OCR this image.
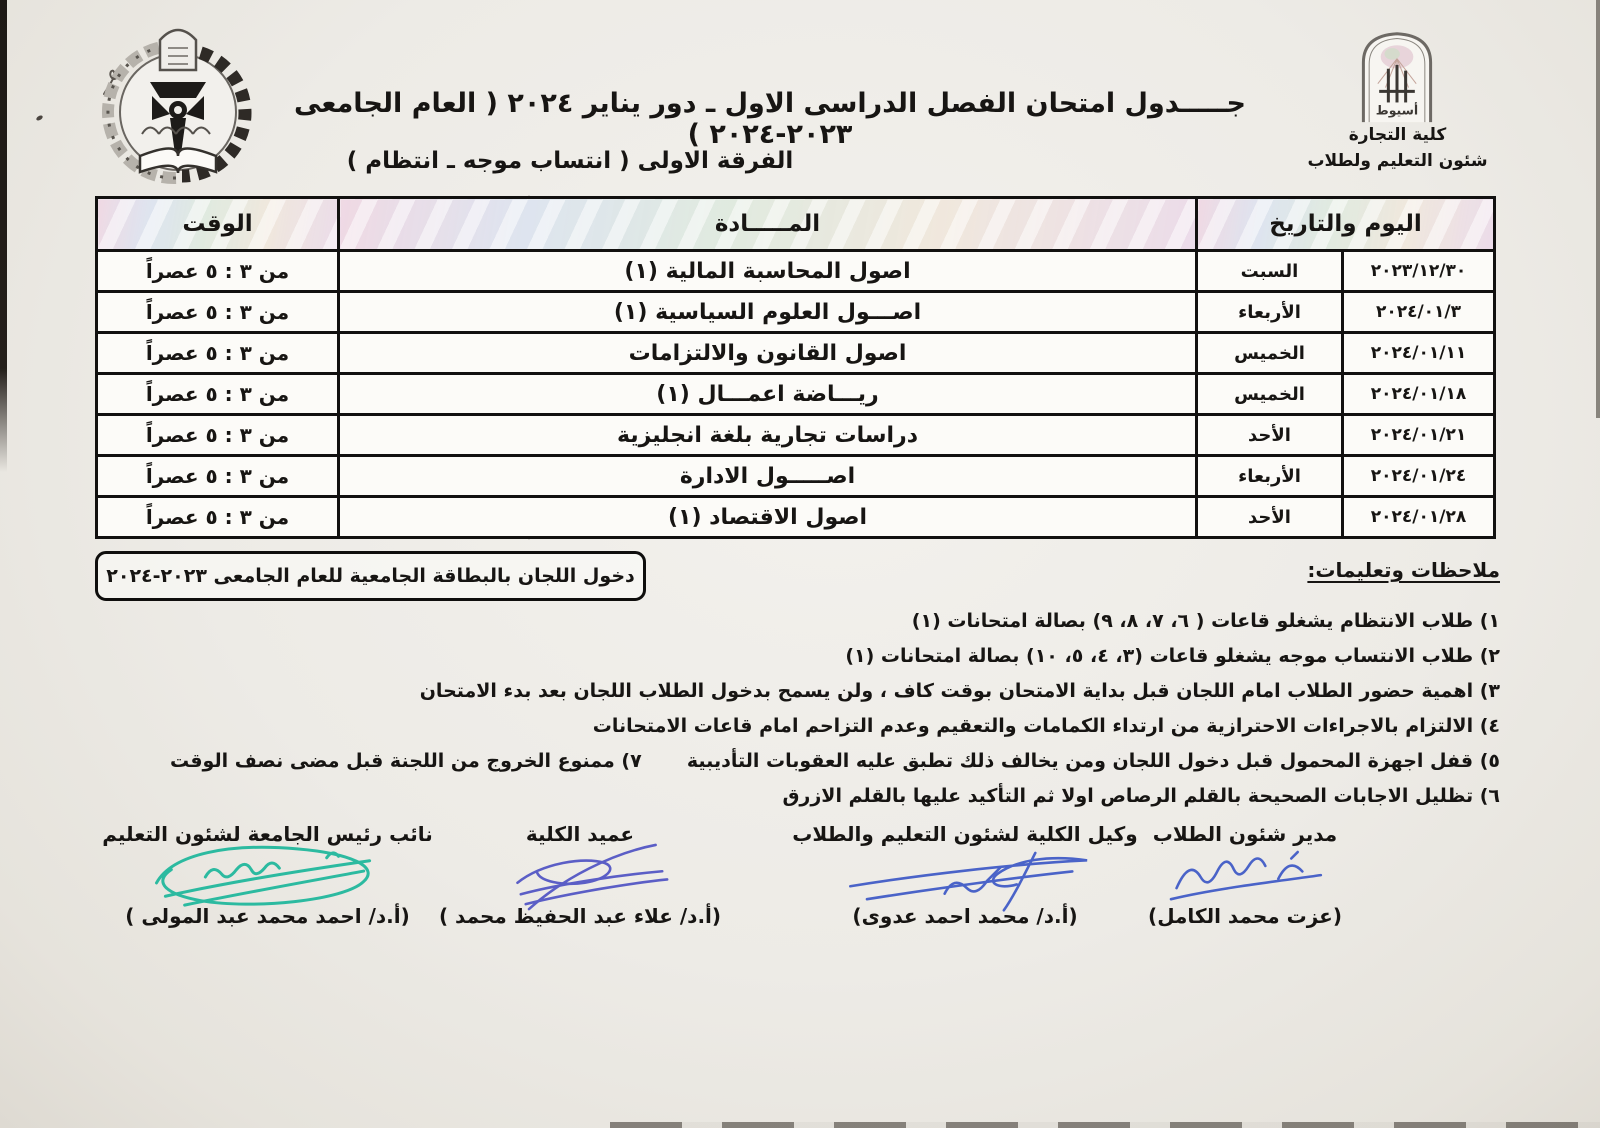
جـــــدول امتحان الفصل الدراسى الاول ـ دور يناير ٢٠٢٤ ( العام الجامعى ٢٠٢٣-٢٠٢٤ )
الفرقة الاولى ( انتساب موجه ـ انتظام )
أسيوط
كلية التجارة
شئون التعليم ولطلاب
اليوم والتاريخ		المـــــادة	الوقت
٢٠٢٣/١٢/٣٠	السبت	اصول المحاسبة المالية (١)	من ٣ : ٥ عصراً
٢٠٢٤/٠١/٣	الأربعاء	اصـــول العلوم السياسية (١)	من ٣ : ٥ عصراً
٢٠٢٤/٠١/١١	الخميس	اصول القانون والالتزامات	من ٣ : ٥ عصراً
٢٠٢٤/٠١/١٨	الخميس	ريـــاضة اعمـــال (١)	من ٣ : ٥ عصراً
٢٠٢٤/٠١/٢١	الأحد	دراسات تجارية بلغة انجليزية	من ٣ : ٥ عصراً
٢٠٢٤/٠١/٢٤	الأربعاء	اصـــــول الادارة	من ٣ : ٥ عصراً
٢٠٢٤/٠١/٢٨	الأحد	اصول الاقتصاد (١)	من ٣ : ٥ عصراً
دخول اللجان بالبطاقة الجامعية للعام الجامعى ٢٠٢٣-٢٠٢٤	ملاحظات وتعليمات:
١) طلاب الانتظام يشغلو قاعات ( ٦، ٧، ٨، ٩) بصالة امتحانات (١)
٢) طلاب الانتساب موجه يشغلو قاعات (٣، ٤، ٥، ١٠) بصالة امتحانات (١)
٣) اهمية حضور الطلاب امام اللجان قبل بداية الامتحان بوقت كاف ، ولن يسمح بدخول الطلاب اللجان بعد بدء الامتحان
٤) الالتزام بالاجراءات الاحترازية من ارتداء الكمامات والتعقيم وعدم التزاحم امام قاعات الامتحانات
٥) قفل اجهزة المحمول قبل دخول اللجان ومن يخالف ذلك تطبق عليه العقوبات التأديبية
٧) ممنوع الخروج من اللجنة قبل مضى نصف الوقت
٦) تظليل الاجابات الصحيحة بالقلم الرصاص اولا ثم التأكيد عليها بالقلم الازرق
مدير شئون الطلاب
(عزت محمد الكامل)
وكيل الكلية لشئون التعليم والطلاب
(أ.د/ محمد احمد عدوى)
عميد الكلية
(أ.د/ علاء عبد الحفيظ محمد )
نائب رئيس الجامعة لشئون التعليم
(أ.د/ احمد محمد عبد المولى )
